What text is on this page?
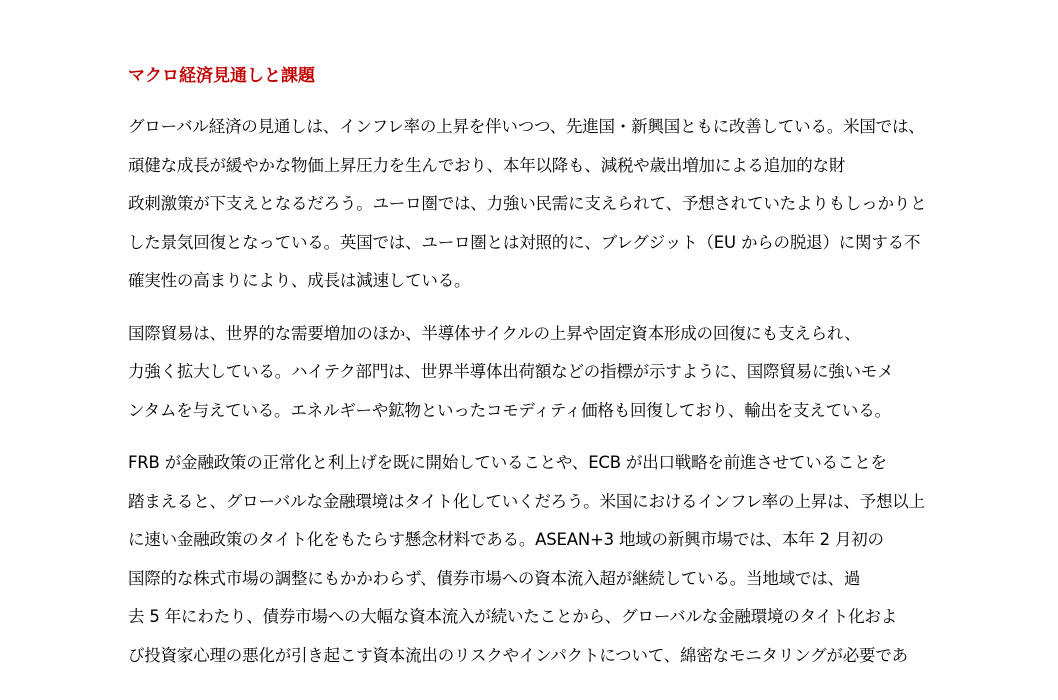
マクロ経済見通しと課題
グローバル経済の見通しは、インフレ率の上昇を伴いつつ、先進国・新興国ともに改善している。米国では、
頑健な成長が緩やかな物価上昇圧力を生んでおり、本年以降も、減税や歳出増加による追加的な財
政刺激策が下支えとなるだろう。ユーロ圏では、力強い民需に支えられて、予想されていたよりもしっかりと
した景気回復となっている。英国では、ユーロ圏とは対照的に、ブレグジット（EU からの脱退）に関する不
確実性の高まりにより、成長は減速している。
国際貿易は、世界的な需要増加のほか、半導体サイクルの上昇や固定資本形成の回復にも支えられ、
力強く拡大している。ハイテク部門は、世界半導体出荷額などの指標が示すように、国際貿易に強いモメ
ンタムを与えている。エネルギーや鉱物といったコモディティ価格も回復しており、輸出を支えている。
FRB が金融政策の正常化と利上げを既に開始していることや、ECB が出口戦略を前進させていることを
踏まえると、グローバルな金融環境はタイト化していくだろう。米国におけるインフレ率の上昇は、予想以上
に速い金融政策のタイト化をもたらす懸念材料である。ASEAN+3 地域の新興市場では、本年 2 月初の
国際的な株式市場の調整にもかかわらず、債券市場への資本流入超が継続している。当地域では、過
去 5 年にわたり、債券市場への大幅な資本流入が続いたことから、グローバルな金融環境のタイト化およ
び投資家心理の悪化が引き起こす資本流出のリスクやインパクトについて、綿密なモニタリングが必要であ
